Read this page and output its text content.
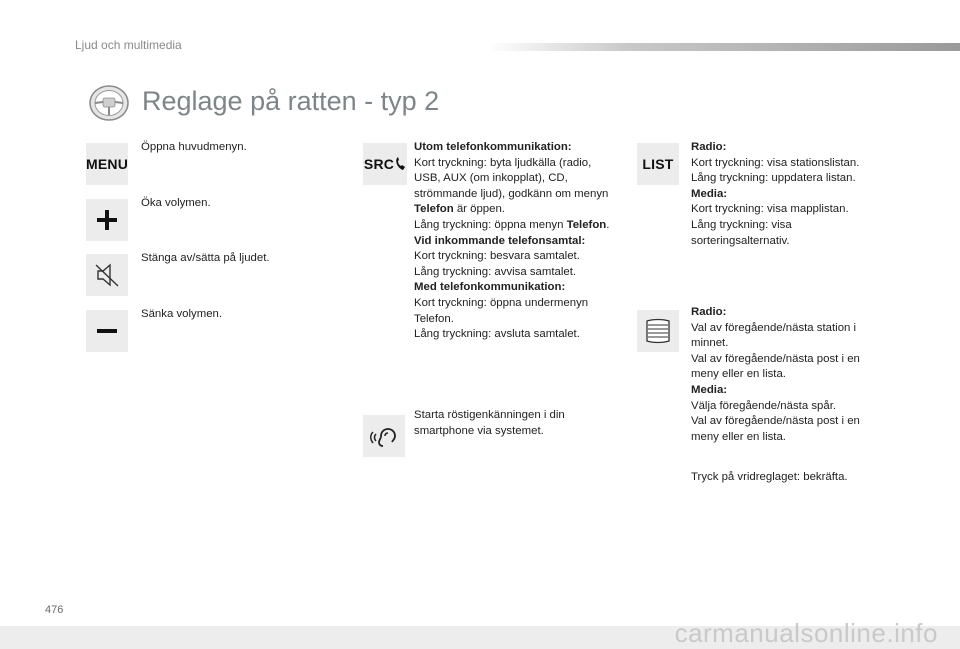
Ljud och multimedia
Reglage på ratten - typ 2
MENU
Öppna huvudmenyn.
Öka volymen.
Stänga av/sätta på ljudet.
Sänka volymen.
SRC
Utom telefonkommunikation:
Kort tryckning: byta ljudkälla (radio, USB, AUX (om inkopplat), CD, strömmande ljud), godkänn om menyn Telefon är öppen.
Lång tryckning: öppna menyn Telefon.
Vid inkommande telefonsamtal:
Kort tryckning: besvara samtalet.
Lång tryckning: avvisa samtalet.
Med telefonkommunikation:
Kort tryckning: öppna undermenyn Telefon.
Lång tryckning: avsluta samtalet.
Starta röstigenkänningen i din smartphone via systemet.
LIST
Radio:
Kort tryckning: visa stationslistan.
Lång tryckning: uppdatera listan.
Media:
Kort tryckning: visa mapplistan.
Lång tryckning: visa sorteringsalternativ.
Radio:
Val av föregående/nästa station i minnet.
Val av föregående/nästa post i en meny eller en lista.
Media:
Välja föregående/nästa spår.
Val av föregående/nästa post i en meny eller en lista.
Tryck på vridreglaget: bekräfta.
476
carmanualsonline.info
